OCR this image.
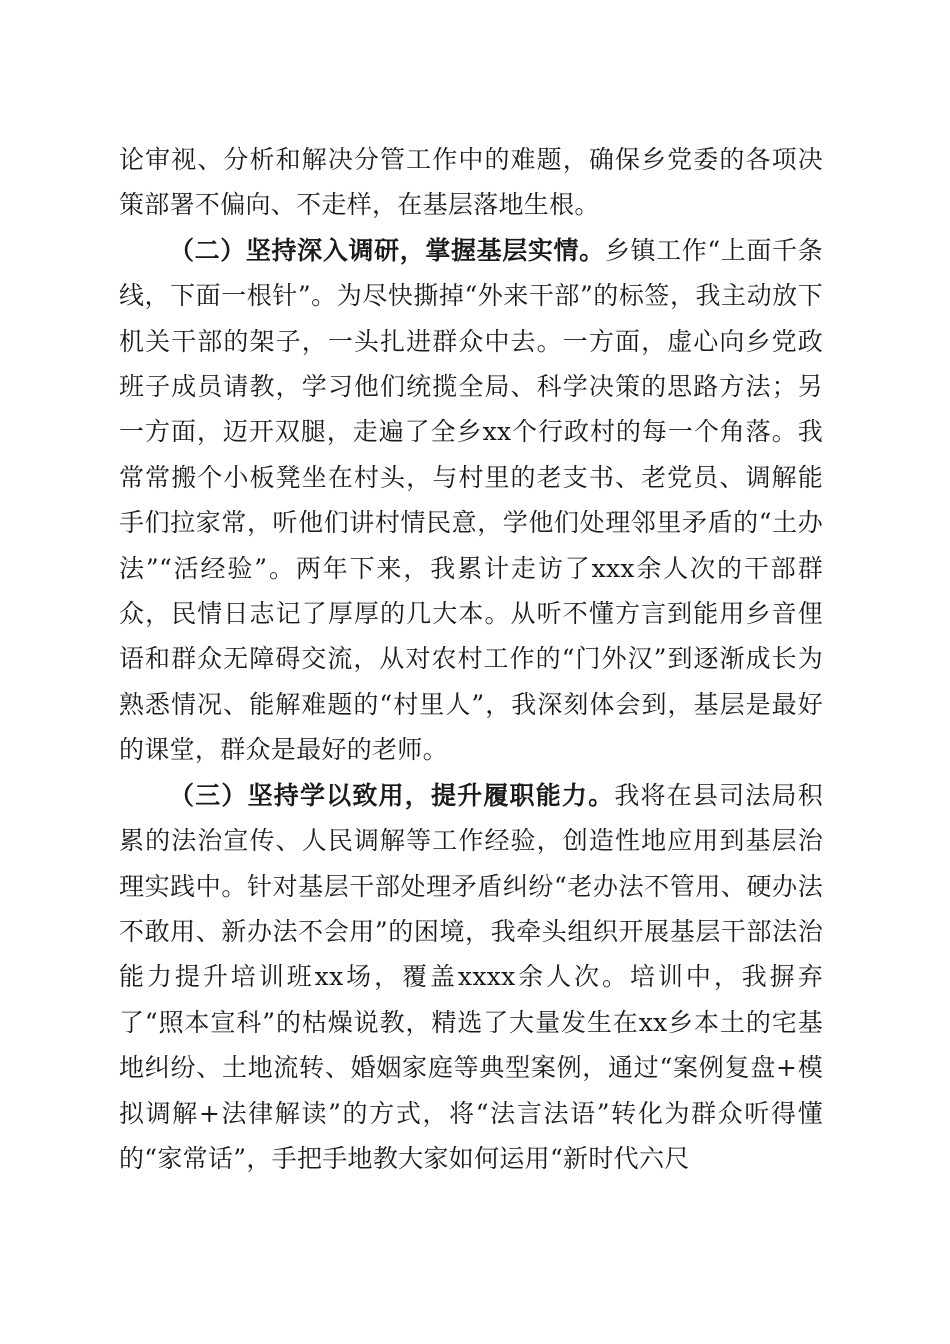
论审视、分析和解决分管工作中的难题，确保乡党委的各项决策部署不偏向、不走样，在基层落地生根。

（二）坚持深入调研，掌握基层实情。乡镇工作“上面千条线，下面一根针”。为尽快撕掉“外来干部”的标签，我主动放下机关干部的架子，一头扎进群众中去。一方面，虚心向乡党政班子成员请教，学习他们统揽全局、科学决策的思路方法；另一方面，迈开双腿，走遍了全乡xx个行政村的每一个角落。我常常搬个小板凳坐在村头，与村里的老支书、老党员、调解能手们拉家常，听他们讲村情民意，学他们处理邻里矛盾的“土办法”“活经验”。两年下来，我累计走访了xxx余人次的干部群众，民情日志记了厚厚的几大本。从听不懂方言到能用乡音俚语和群众无障碍交流，从对农村工作的“门外汉”到逐渐成长为熟悉情况、能解难题的“村里人”，我深刻体会到，基层是最好的课堂，群众是最好的老师。

（三）坚持学以致用，提升履职能力。我将在县司法局积累的法治宣传、人民调解等工作经验，创造性地应用到基层治理实践中。针对基层干部处理矛盾纠纷“老办法不管用、硬办法不敢用、新办法不会用”的困境，我牵头组织开展基层干部法治能力提升培训班xx场，覆盖xxxx余人次。培训中，我摒弃了“照本宣科”的枯燥说教，精选了大量发生在xx乡本土的宅基地纠纷、土地流转、婚姻家庭等典型案例，通过“案例复盘+模拟调解+法律解读”的方式，将“法言法语”转化为群众听得懂的“家常话”，手把手地教大家如何运用“新时代六尺
